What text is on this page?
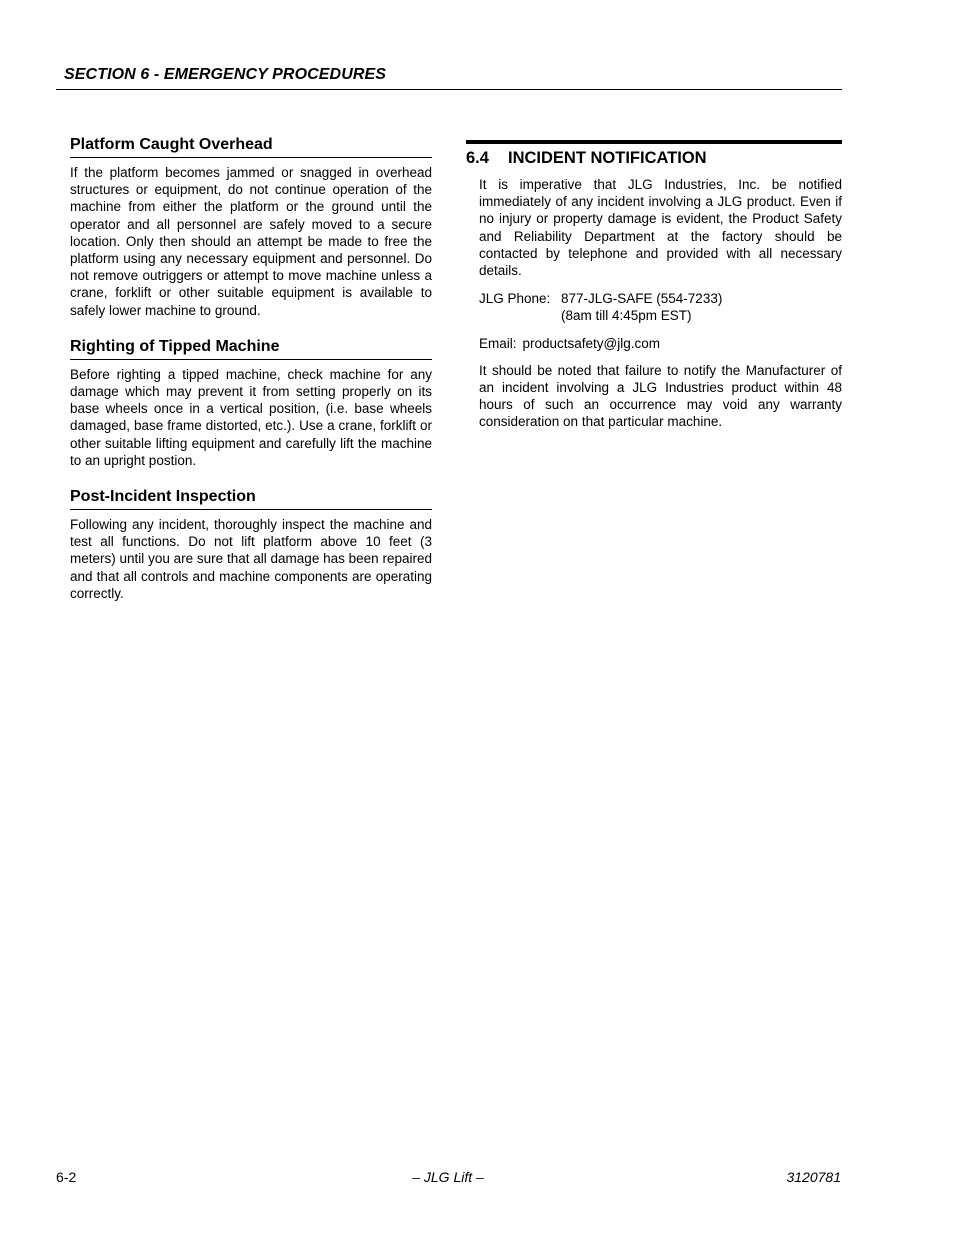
SECTION 6 - EMERGENCY PROCEDURES
Platform Caught Overhead

If the platform becomes jammed or snagged in overhead structures or equipment, do not continue operation of the machine from either the platform or the ground until the operator and all personnel are safely moved to a secure location. Only then should an attempt be made to free the platform using any necessary equipment and personnel. Do not remove outriggers or attempt to move machine unless a crane, forklift or other suitable equipment is available to safely lower machine to ground.

Righting of Tipped Machine

Before righting a tipped machine, check machine for any damage which may prevent it from setting properly on its base wheels once in a vertical position, (i.e. base wheels damaged, base frame distorted, etc.). Use a crane, forklift or other suitable lifting equipment and carefully lift the machine to an upright postion.

Post-Incident Inspection

Following any incident, thoroughly inspect the machine and test all functions. Do not lift platform above 10 feet (3 meters) until you are sure that all damage has been repaired and that all controls and machine components are operating correctly.

6.4 INCIDENT NOTIFICATION

It is imperative that JLG Industries, Inc. be notified immediately of any incident involving a JLG product. Even if no injury or property damage is evident, the Product Safety and Reliability Department at the factory should be contacted by telephone and provided with all necessary details.

JLG Phone: 877-JLG-SAFE (554-7233)
(8am till 4:45pm EST)
Email: productsafety@jlg.com

It should be noted that failure to notify the Manufacturer of an incident involving a JLG Industries product within 48 hours of such an occurrence may void any warranty consideration on that particular machine.

6-2	– JLG Lift –	3120781
